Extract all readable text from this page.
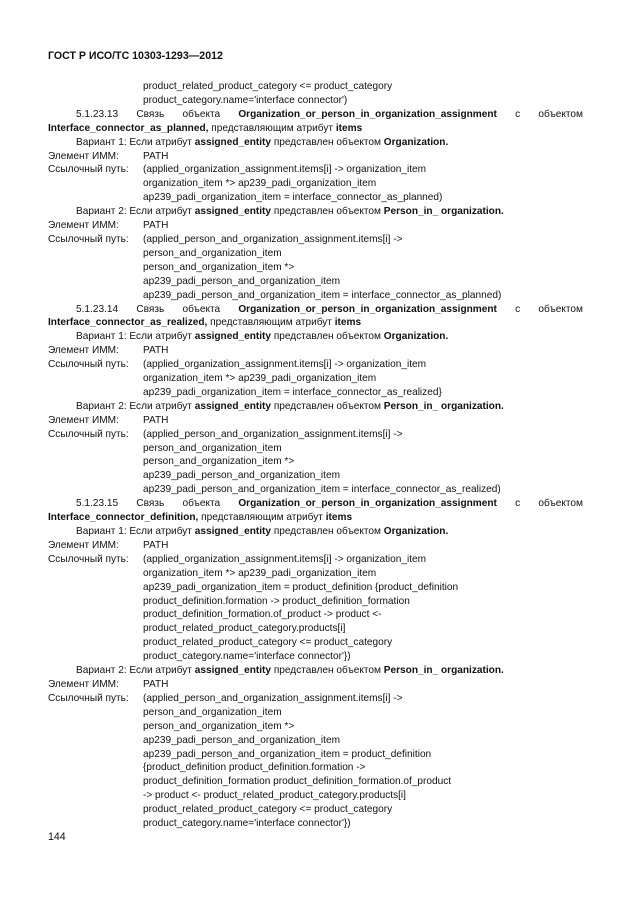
ГОСТ Р ИСО/ТС 10303-1293—2012
product_related_product_category <= product_category
product_category.name='interface connector')
5.1.23.13 Связь объекта Organization_or_person_in_organization_assignment с объектом Interface_connector_as_planned, представляющим атрибут items
Вариант 1: Если атрибут assigned_entity представлен объектом Organization.
Элемент ИММ:	PATH
Ссылочный путь:	(applied_organization_assignment.items[i] -> organization_item
organization_item *> ap239_padi_organization_item
ap239_padi_organization_item = interface_connector_as_planned)
Вариант 2: Если атрибут assigned_entity представлен объектом Person_in_ organization.
Элемент ИММ:	PATH
Ссылочный путь:	(applied_person_and_organization_assignment.items[i] ->
person_and_organization_item
person_and_organization_item *>
ap239_padi_person_and_organization_item
ap239_padi_person_and_organization_item = interface_connector_as_planned)
5.1.23.14 Связь объекта Organization_or_person_in_organization_assignment с объектом Interface_connector_as_realized, представляющим атрибут items
Вариант 1: Если атрибут assigned_entity представлен объектом Organization.
Элемент ИММ:	PATH
Ссылочный путь:	(applied_organization_assignment.items[i] -> organization_item
organization_item *> ap239_padi_organization_item
ap239_padi_organization_item = interface_connector_as_realized}
Вариант 2: Если атрибут assigned_entity представлен объектом Person_in_ organization.
Элемент ИММ:	PATH
Ссылочный путь:	(applied_person_and_organization_assignment.items[i] ->
person_and_organization_item
person_and_organization_item *>
ap239_padi_person_and_organization_item
ap239_padi_person_and_organization_item = interface_connector_as_realized)
5.1.23.15 Связь объекта Organization_or_person_in_organization_assignment с объектом Interface_connector_definition, представляющим атрибут items
Вариант 1: Если атрибут assigned_entity представлен объектом Organization.
Элемент ИММ:	PATH
Ссылочный путь:	(applied_organization_assignment.items[i] -> organization_item
organization_item *> ap239_padi_organization_item
ap239_padi_organization_item = product_definition {product_definition
product_definition.formation -> product_definition_formation
product_definition_formation.of_product -> product <-
product_related_product_category.products[i]
product_related_product_category <= product_category
product_category.name='interface connector'})
Вариант 2: Если атрибут assigned_entity представлен объектом Person_in_ organization.
Элемент ИММ:	PATH
Ссылочный путь:	(applied_person_and_organization_assignment.items[i] ->
person_and_organization_item
person_and_organization_item *>
ap239_padi_person_and_organization_item
ap239_padi_person_and_organization_item = product_definition
{product_definition product_definition.formation ->
product_definition_formation product_definition_formation.of_product
-> product <- product_related_product_category.products[i]
product_related_product_category <= product_category
product_category.name='interface connector'})
144
